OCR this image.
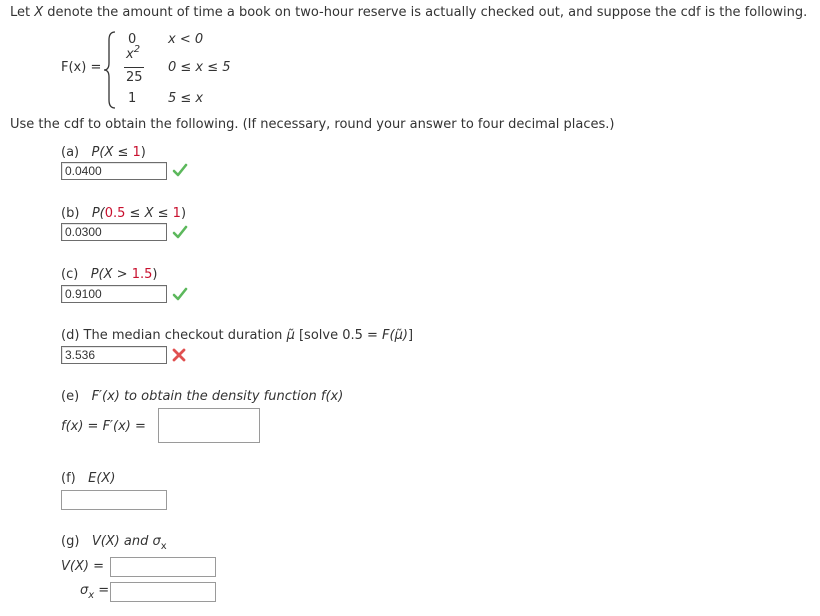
Let X denote the amount of time a book on two-hour reserve is actually checked out, and suppose the cdf is the following.
F(x) =
0 x < 0
$x^2$
25
0 ≤ x ≤ 5
1 5 ≤ x
Use the cdf to obtain the following. (If necessary, round your answer to four decimal places.)
(a) P(X ≤ 1)
0.0400
(b) P(0.5 ≤ X ≤ 1)
0.0300
(c) P(X > 1.5)
0.9100
(d) The median checkout duration μ̃ [solve 0.5 = F(μ̃)]
3.536
(e) F′(x) to obtain the density function f(x)
f(x) = F′(x) =
(f) E(X)
(g) V(X) and $\sigma_x$
V(X) =
$\sigma_x$ =
